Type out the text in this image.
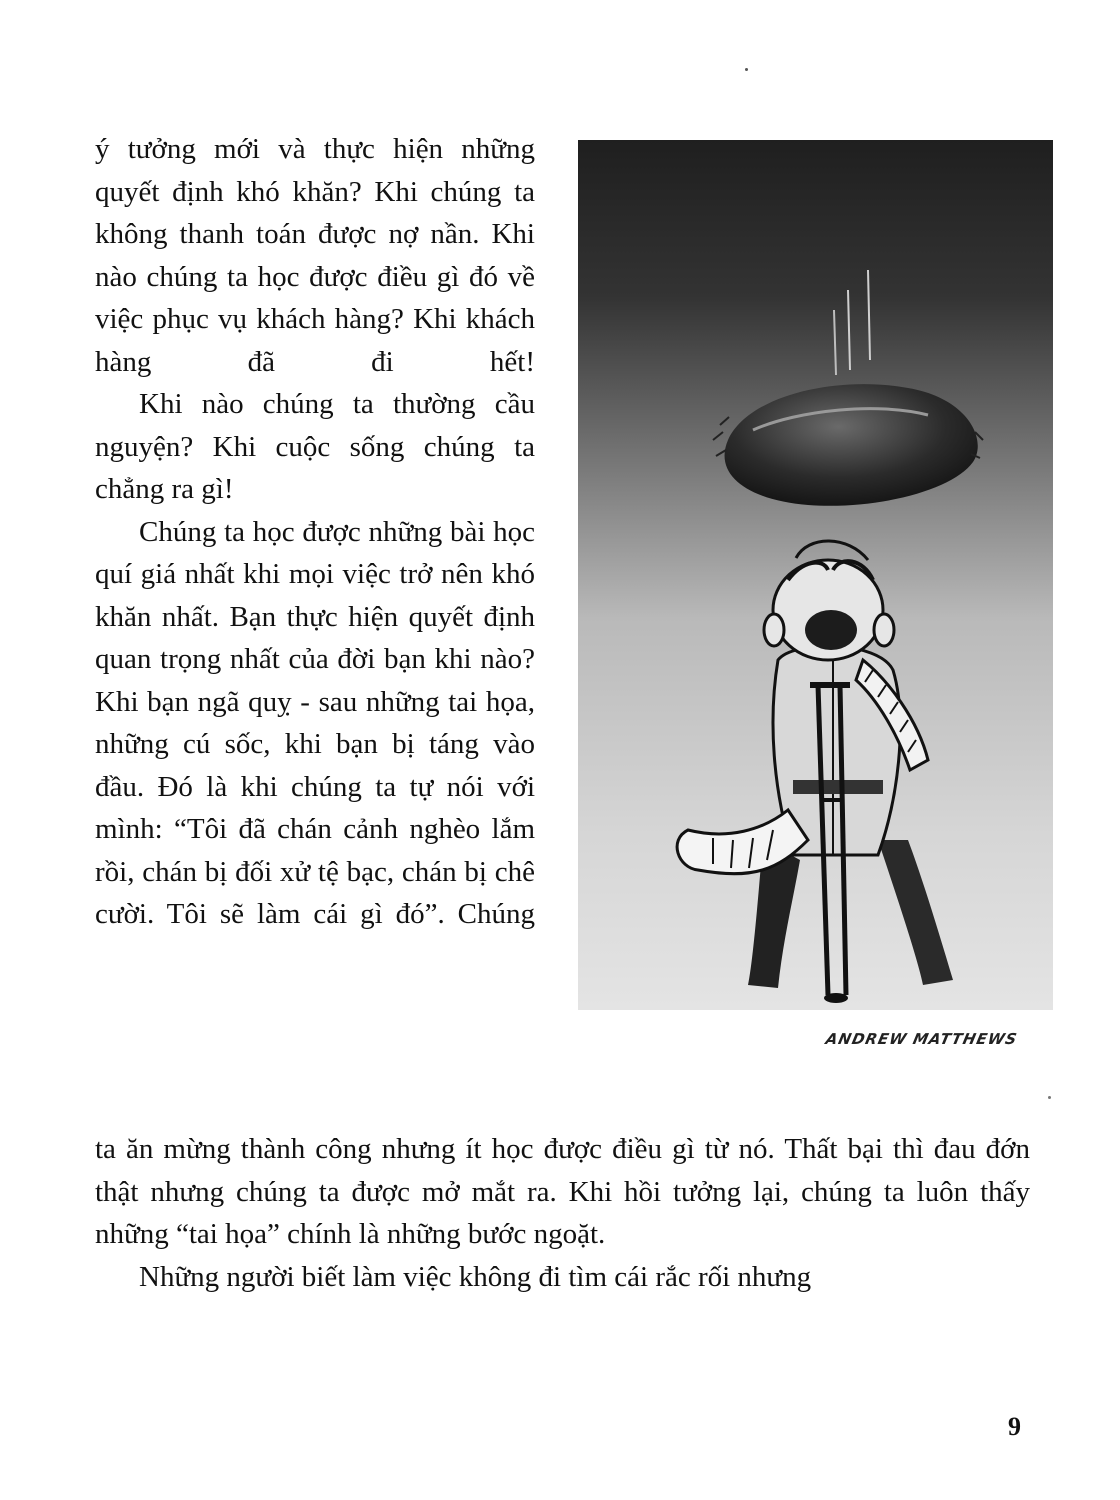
ý tưởng mới và thực hiện những quyết định khó khăn? Khi chúng ta không thanh toán được nợ nần. Khi nào chúng ta học được điều gì đó về việc phục vụ khách hàng? Khi khách hàng đã đi hết!

Khi nào chúng ta thường cầu nguyện? Khi cuộc sống chúng ta chẳng ra gì!

Chúng ta học được những bài học quí giá nhất khi mọi việc trở nên khó khăn nhất. Bạn thực hiện quyết định quan trọng nhất của đời bạn khi nào? Khi bạn ngã quỵ - sau những tai họa, những cú sốc, khi bạn bị táng vào đầu. Đó là khi chúng ta tự nói với mình: “Tôi đã chán cảnh nghèo lắm rồi, chán bị đối xử tệ bạc, chán bị chê cười. Tôi sẽ làm cái gì đó”. Chúng

ANDREW MATTHEWS

ta ăn mừng thành công nhưng ít học được điều gì từ nó. Thất bại thì đau đớn thật nhưng chúng ta được mở mắt ra. Khi hồi tưởng lại, chúng ta luôn thấy những “tai họa” chính là những bước ngoặt.

Những người biết làm việc không đi tìm cái rắc rối nhưng

9
